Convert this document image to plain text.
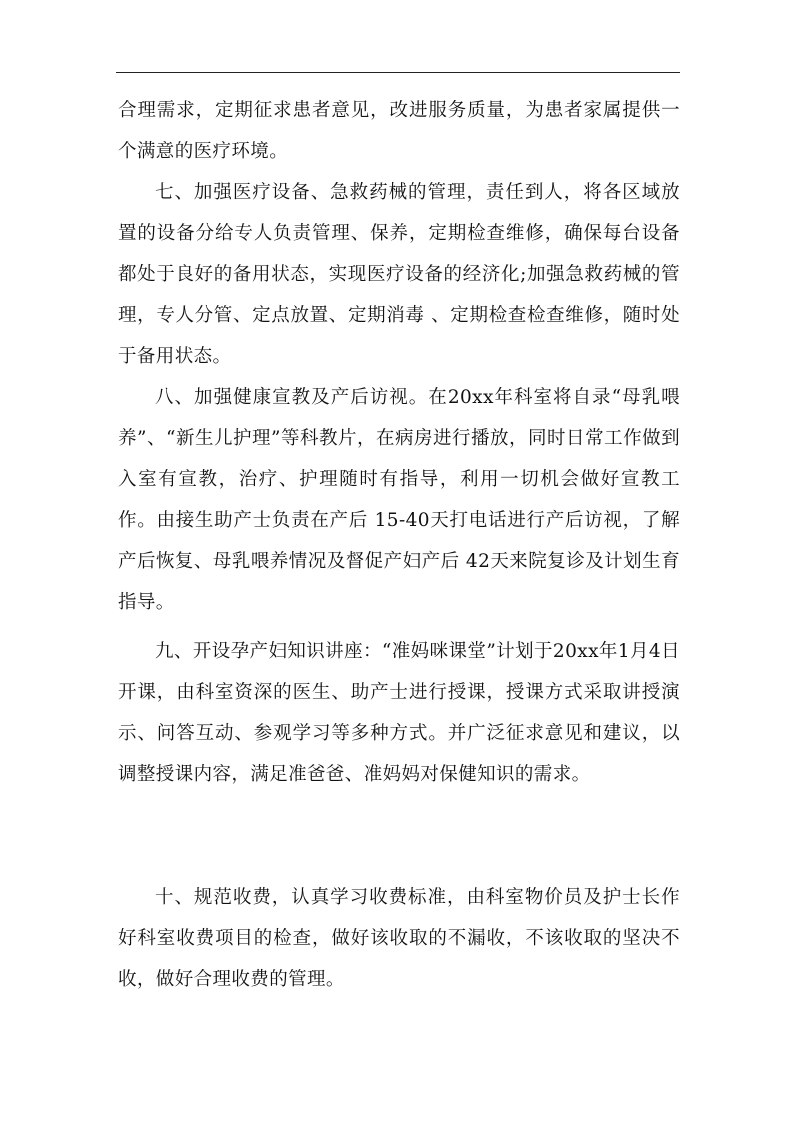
合理需求，定期征求患者意见，改进服务质量，为患者家属提供一个满意的医疗环境。

七、加强医疗设备、急救药械的管理，责任到人，将各区域放置的设备分给专人负责管理、保养，定期检查维修，确保每台设备都处于良好的备用状态，实现医疗设备的经济化;加强急救药械的管理，专人分管、定点放置、定期消毒 、定期检查检查维修，随时处于备用状态。

八、加强健康宣教及产后访视。在20xx年科室将自录“母乳喂养”、“新生儿护理”等科教片，在病房进行播放，同时日常工作做到入室有宣教，治疗、护理随时有指导，利用一切机会做好宣教工作。由接生助产士负责在产后 15-40天打电话进行产后访视，了解产后恢复、母乳喂养情况及督促产妇产后 42天来院复诊及计划生育指导。

九、开设孕产妇知识讲座：“准妈咪课堂”计划于20xx年1月4日开课，由科室资深的医生、助产士进行授课，授课方式采取讲授演示、问答互动、参观学习等多种方式。并广泛征求意见和建议，以调整授课内容，满足准爸爸、准妈妈对保健知识的需求。

十、规范收费，认真学习收费标准，由科室物价员及护士长作好科室收费项目的检查，做好该收取的不漏收，不该收取的坚决不收，做好合理收费的管理。
